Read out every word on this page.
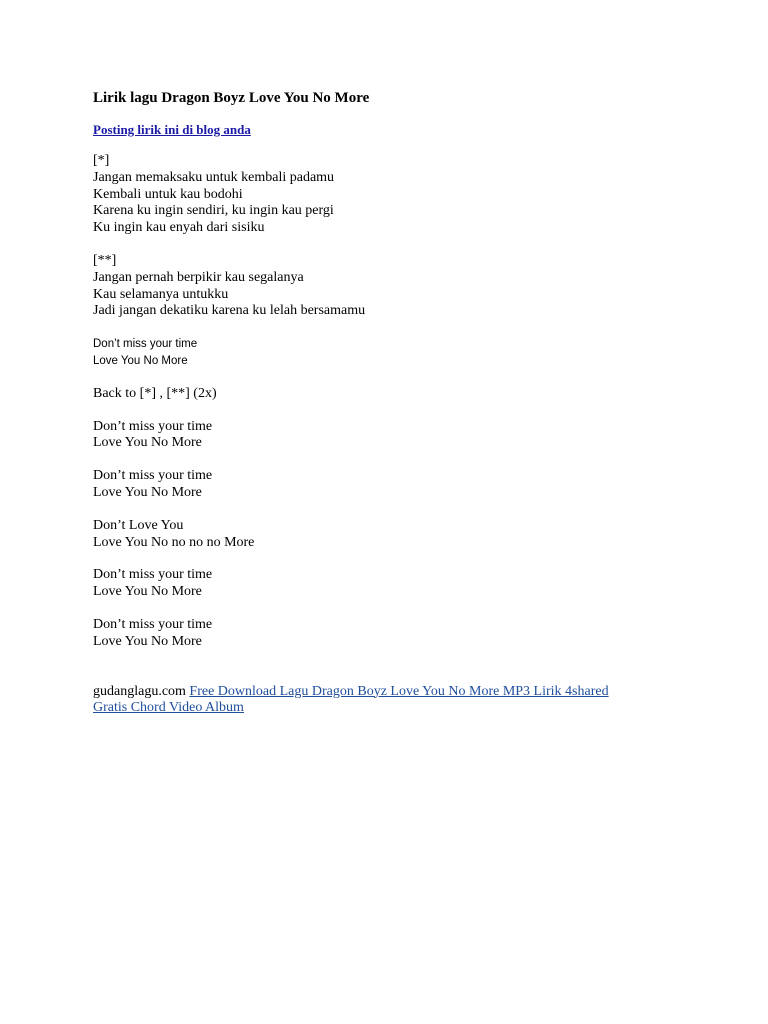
Lirik lagu Dragon Boyz Love You No More
Posting lirik ini di blog anda
[*]
Jangan memaksaku untuk kembali padamu
Kembali untuk kau bodohi
Karena ku ingin sendiri, ku ingin kau pergi
Ku ingin kau enyah dari sisiku
[**]
Jangan pernah berpikir kau segalanya
Kau selamanya untukku
Jadi jangan dekatiku karena ku lelah bersamamu
Don’t miss your time
Love You No More
Back to [*] , [**] (2x)
Don’t miss your time
Love You No More
Don’t miss your time
Love You No More
Don’t Love You
Love You No no no no More
Don’t miss your time
Love You No More
Don’t miss your time
Love You No More
gudanglagu.com Free Download Lagu Dragon Boyz Love You No More MP3 Lirik 4shared
Gratis Chord Video Album
